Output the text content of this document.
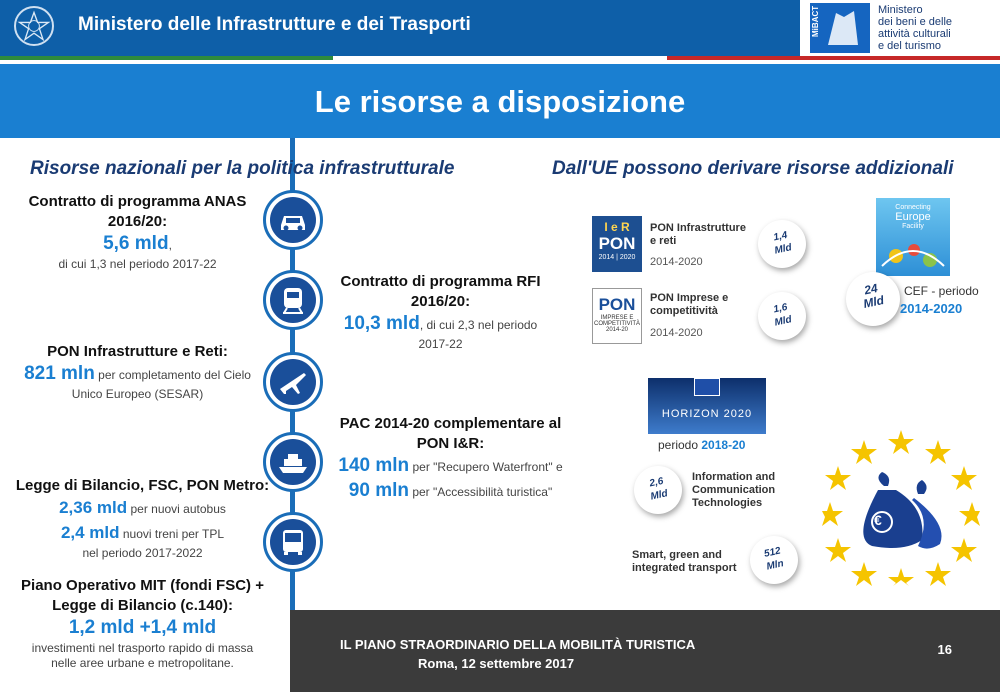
Ministero delle Infrastrutture e dei Trasporti	MiBACT	Ministero
dei beni e delle
attività culturali
e del turismo
Le risorse a disposizione
Risorse nazionali per la politica infrastrutturale	Dall'UE possono derivare risorse addizionali
Contratto di programma ANAS
2016/20:
5,6 mld,
di cui 1,3 nel periodo 2017-22
Contratto di programma RFI
2016/20:
10,3 mld, di cui 2,3 nel periodo
2017-22
PON Infrastrutture e Reti:
821 mln per completamento del Cielo
Unico Europeo (SESAR)
PAC 2014-20 complementare al
PON I&R:
140 mln per "Recupero Waterfront" e
90 mln per "Accessibilità turistica"
Legge di Bilancio, FSC, PON Metro:
2,36 mld per nuovi autobus
2,4 mld nuovi treni per TPL
nel periodo 2017-2022
Piano Operativo MIT (fondi FSC) +
Legge di Bilancio (c.140):
1,2 mld +1,4 mld
investimenti nel trasporto rapido di massa
nelle aree urbane e metropolitane.
I e R
PON
2014 | 2020
PON Infrastrutture
e reti
2014-2020
1,4
Mld
PON
IMPRESE E
COMPETITIVITÀ
2014-20
PON Imprese e
competitività
2014-2020
1,6
Mld
Connecting
Europe
Facility
24
Mld
CEF - periodo
2014-2020
HORIZON 2020
periodo 2018-20
2,6
Mld
Information and
Communication
Technologies
Smart, green and
integrated transport
512
Mln
€
IL PIANO STRAORDINARIO DELLA MOBILITÀ TURISTICA
Roma, 12 settembre 2017
16
